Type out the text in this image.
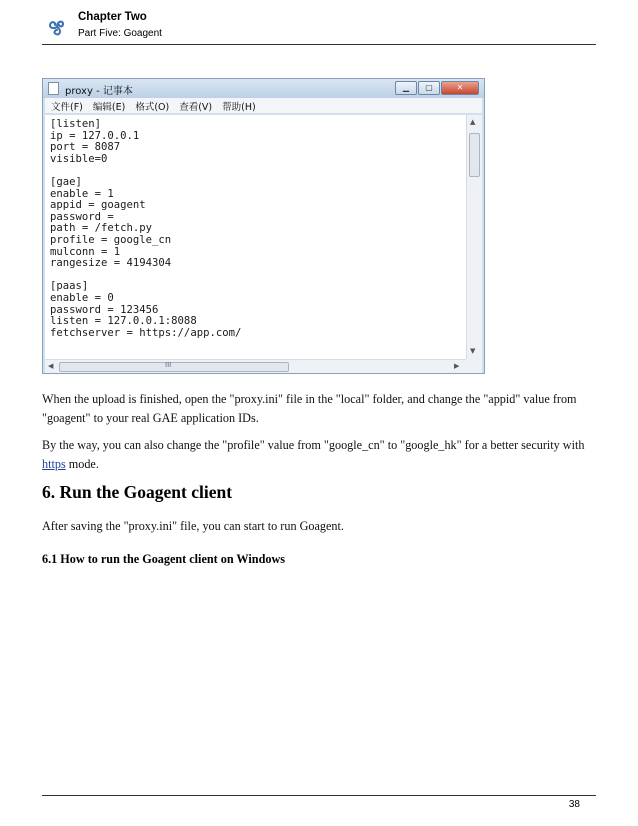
Chapter Two
Part Five: Goagent
proxy - 记事本	▁	▢	✕
文件(F) 编辑(E) 格式(O) 查看(V) 帮助(H)
[listen]
ip = 127.0.0.1
port = 8087
visible=0
[gae]
enable = 1
appid = goagent
password =
path = /fetch.py
profile = google_cn
mulconn = 1
rangesize = 4194304
[paas]
enable = 0
password = 123456
listen = 127.0.0.1:8088
fetchserver = https://app.com/
▲
▼
◀	III	▶

When the upload is finished, open the "proxy.ini" file in the "local" folder, and change the "appid" value from "goagent" to your real GAE application IDs.

By the way, you can also change the "profile" value from "google_cn" to "google_hk" for a better security with https mode.

6. Run the Goagent client

After saving the "proxy.ini" file, you can start to run Goagent.

6.1 How to run the Goagent client on Windows
38
